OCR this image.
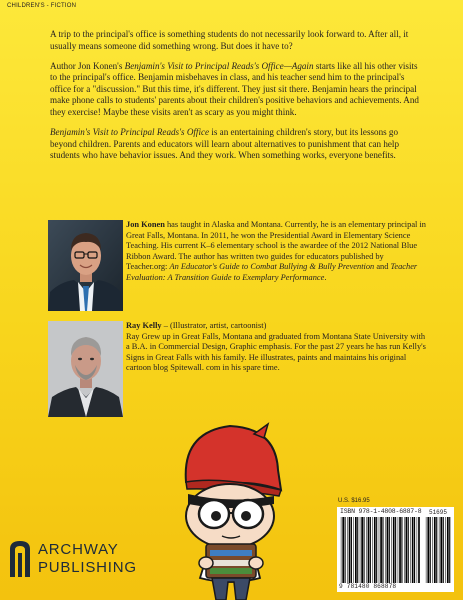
CHILDREN'S - FICTION

A trip to the principal's office is something students do not necessarily look forward to. After all, it usually means someone did something wrong. But does it have to?

Author Jon Konen's Benjamin's Visit to Principal Reads's Office—Again starts like all his other visits to the principal's office. Benjamin misbehaves in class, and his teacher send him to the principal's office for a "discussion." But this time, it's different. They just sit there. Benjamin hears the principal make phone calls to students' parents about their children's positive behaviors and achievements. And they exercise! Maybe these visits aren't as scary as you might think.

Benjamin's Visit to Principal Reads's Office is an entertaining children's story, but its lessons go beyond children. Parents and educators will learn about alternatives to punishment that can help students who have behavior issues. And they work. When something works, everyone benefits.

Jon Konen has taught in Alaska and Montana. Currently, he is an elementary principal in Great Falls, Montana. In 2011, he won the Presidential Award in Elementary Science Teaching. His current K–6 elementary school is the awardee of the 2012 National Blue Ribbon Award. The author has written two guides for educators published by Teacher.org: An Educator's Guide to Combat Bullying & Bully Prevention and Teacher Evaluation: A Transition Guide to Exemplary Performance.

Ray Kelly – (Illustrator, artist, cartoonist)

Ray Grew up in Great Falls, Montana and graduated from Montana State University with a B.A. in Commercial Design, Graphic emphasis. For the past 27 years he has run Kelly's Signs in Great Falls with his family. He illustrates, paints and maintains his original cartoon blog Spitewall. com in his spare time.

ARCHWAY
PUBLISHING
U.S. $16.95
ISBN 978-1-4808-6887-8	51695
9 781480 868878
